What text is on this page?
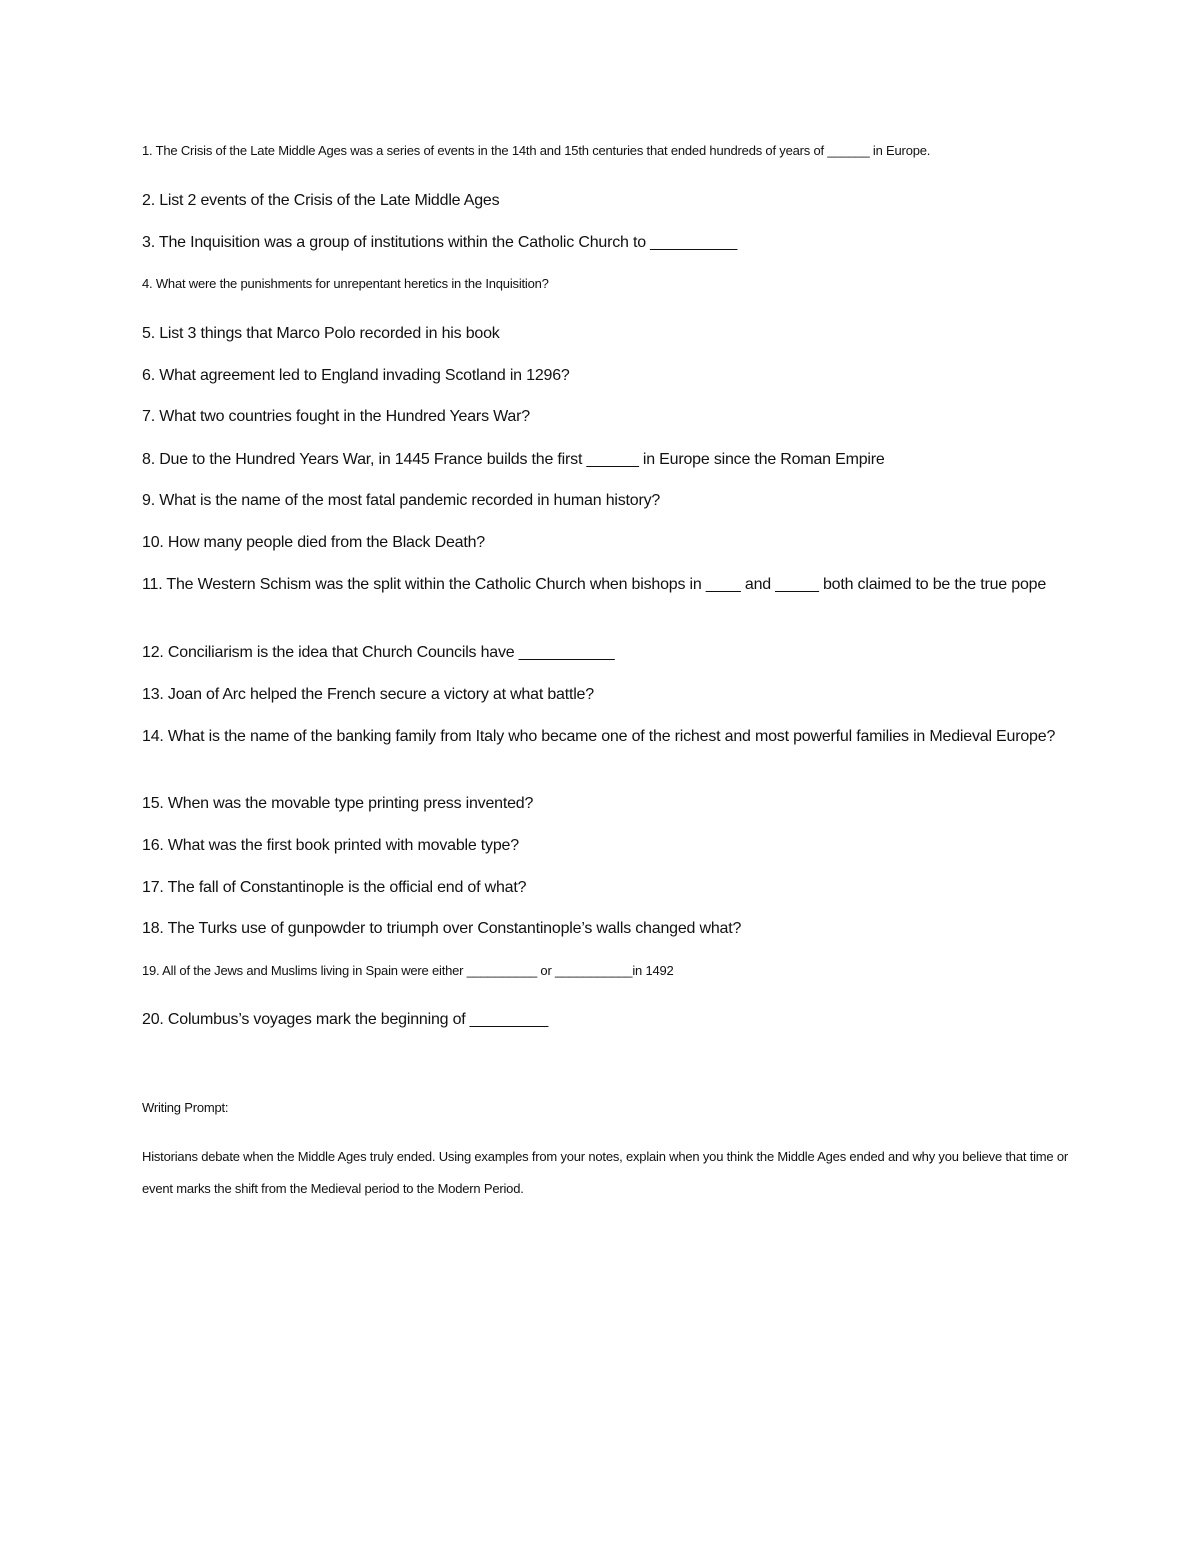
1. The Crisis of the Late Middle Ages was a series of events in the 14th and 15th centuries that ended hundreds of years of ______ in Europe.
2. List 2 events of the Crisis of the Late Middle Ages
3. The Inquisition was a group of institutions within the Catholic Church to __________
4. What were the punishments for unrepentant heretics in the Inquisition?
5. List 3 things that Marco Polo recorded in his book
6. What agreement led to England invading Scotland in 1296?
7. What two countries fought in the Hundred Years War?
8. Due to the Hundred Years War, in 1445 France builds the first ______ in Europe since the Roman Empire
9. What is the name of the most fatal pandemic recorded in human history?
10. How many people died from the Black Death?
11. The Western Schism was the split within the Catholic Church when bishops in ____ and _____ both claimed to be the true pope
12. Conciliarism is the idea that Church Councils have ___________
13. Joan of Arc helped the French secure a victory at what battle?
14. What is the name of the banking family from Italy who became one of the richest and most powerful families in Medieval Europe?
15. When was the movable type printing press invented?
16. What was the first book printed with movable type?
17. The fall of Constantinople is the official end of what?
18. The Turks use of gunpowder to triumph over Constantinople’s walls changed what?
19. All of the Jews and Muslims living in Spain were either __________ or ___________in 1492
20. Columbus’s voyages mark the beginning of _________
Writing Prompt:
Historians debate when the Middle Ages truly ended. Using examples from your notes, explain when you think the Middle Ages ended and why you believe that time or event marks the shift from the Medieval period to the Modern Period.
